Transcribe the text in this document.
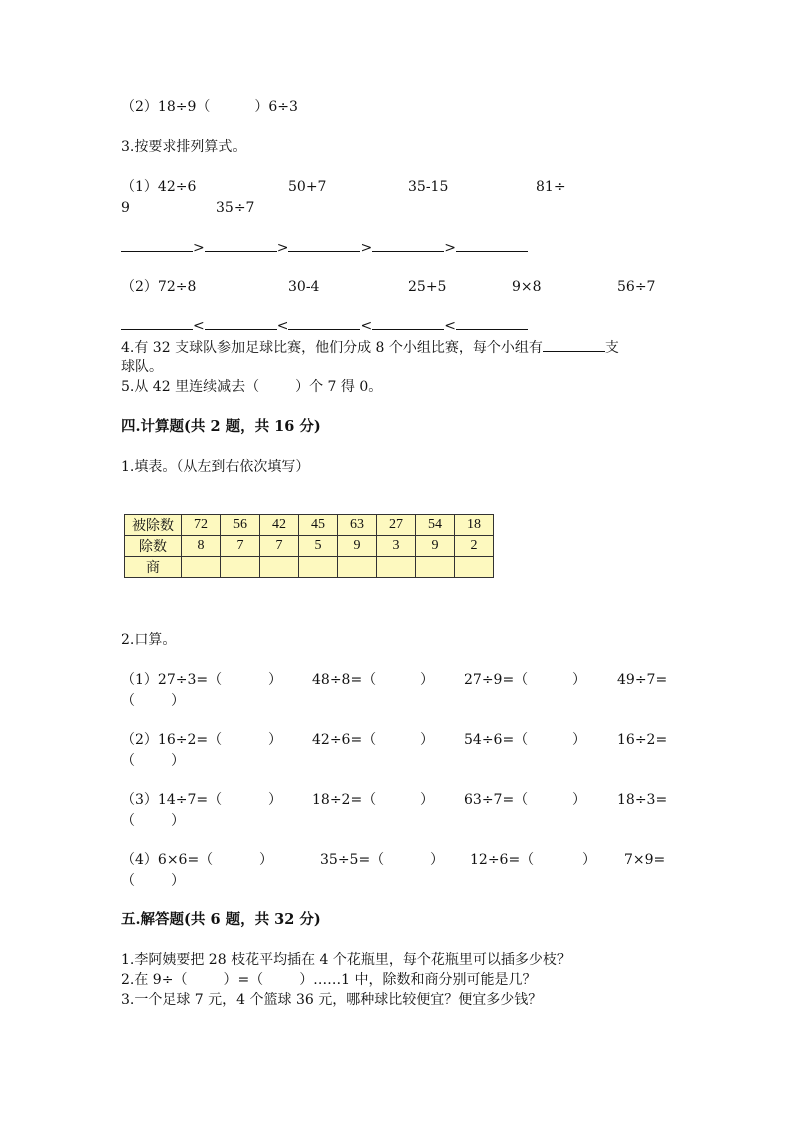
（2）18÷9（	）6÷3
3.按要求排列算式。
（1）42÷6	50+7	35-15	81÷
9	35÷7
>	>	>	>
（2）72÷8	30-4	25+5	9×8	56÷7
<	<	<	<
4.有 32 支球队参加足球比赛，他们分成 8 个小组比赛，每个小组有	支
球队。
5.从 42 里连续减去（	）个 7 得 0。
四.计算题(共 2 题，共 16 分)
1.填表。（从左到右依次填写）
被除数	72	56	42	45	63	27	54	18
除数	8	7	7	5	9	3	9	2
商								
2.口算。
（1）27÷3=（	） 48÷8=（	） 27÷9=（	） 49÷7=
（	）
（2）16÷2=（	） 42÷6=（	） 54÷6=（	） 16÷2=
（	）
（3）14÷7=（	） 18÷2=（	） 63÷7=（	） 18÷3=
（	）
（4）6×6=（	）	35÷5=（	） 12÷6=（	） 7×9=
（	）
五.解答题(共 6 题，共 32 分)
1.李阿姨要把 28 枝花平均插在 4 个花瓶里，每个花瓶里可以插多少枝？
2.在 9÷（	）=（	）……1 中，除数和商分别可能是几？
3.一个足球 7 元，4 个篮球 36 元，哪种球比较便宜？便宜多少钱？
